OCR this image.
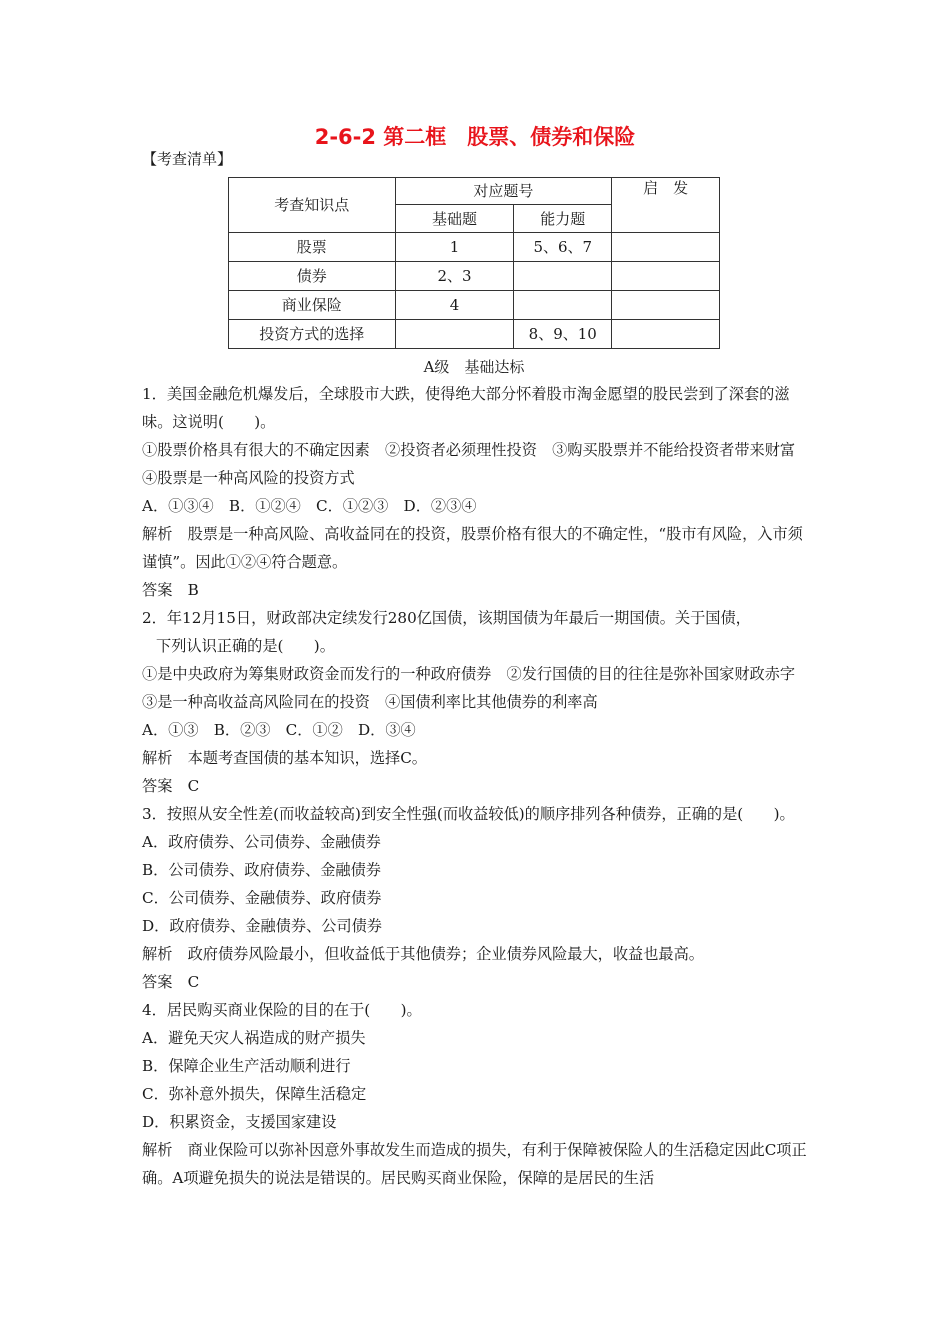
2-6-2 第二框　股票、债券和保险
【考查清单】
考查知识点	对应题号		启　发
	基础题	能力题	
股票	1	5、6、7	
债券	2、3		
商业保险	4		
投资方式的选择		8、9、10	
A级　基础达标

1．美国金融危机爆发后，全球股市大跌，使得绝大部分怀着股市淘金愿望的股民尝到了深套的滋味。这说明(　　)。

①股票价格具有很大的不确定因素　②投资者必须理性投资　③购买股票并不能给投资者带来财富　④股票是一种高风险的投资方式

A．①③④　B．①②④　C．①②③　D．②③④

解析　股票是一种高风险、高收益同在的投资，股票价格有很大的不确定性，“股市有风险，入市须谨慎”。因此①②④符合题意。

答案　B

2．年12月15日，财政部决定续发行280亿国债，该期国债为年最后一期国债。关于国债，

下列认识正确的是(　　)。

①是中央政府为筹集财政资金而发行的一种政府债券　②发行国债的目的往往是弥补国家财政赤字　③是一种高收益高风险同在的投资　④国债利率比其他债券的利率高

A．①③　B．②③　C．①②　D．③④

解析　本题考查国债的基本知识，选择C。

答案　C

3．按照从安全性差(而收益较高)到安全性强(而收益较低)的顺序排列各种债券，正确的是(　　)。

A．政府债券、公司债券、金融债券

B．公司债券、政府债券、金融债券

C．公司债券、金融债券、政府债券

D．政府债券、金融债券、公司债券

解析　政府债券风险最小，但收益低于其他债券；企业债券风险最大，收益也最高。

答案　C

4．居民购买商业保险的目的在于(　　)。

A．避免天灾人祸造成的财产损失

B．保障企业生产活动顺利进行

C．弥补意外损失，保障生活稳定

D．积累资金，支援国家建设

解析　商业保险可以弥补因意外事故发生而造成的损失，有利于保障被保险人的生活稳定因此C项正确。A项避免损失的说法是错误的。居民购买商业保险，保障的是居民的生活
